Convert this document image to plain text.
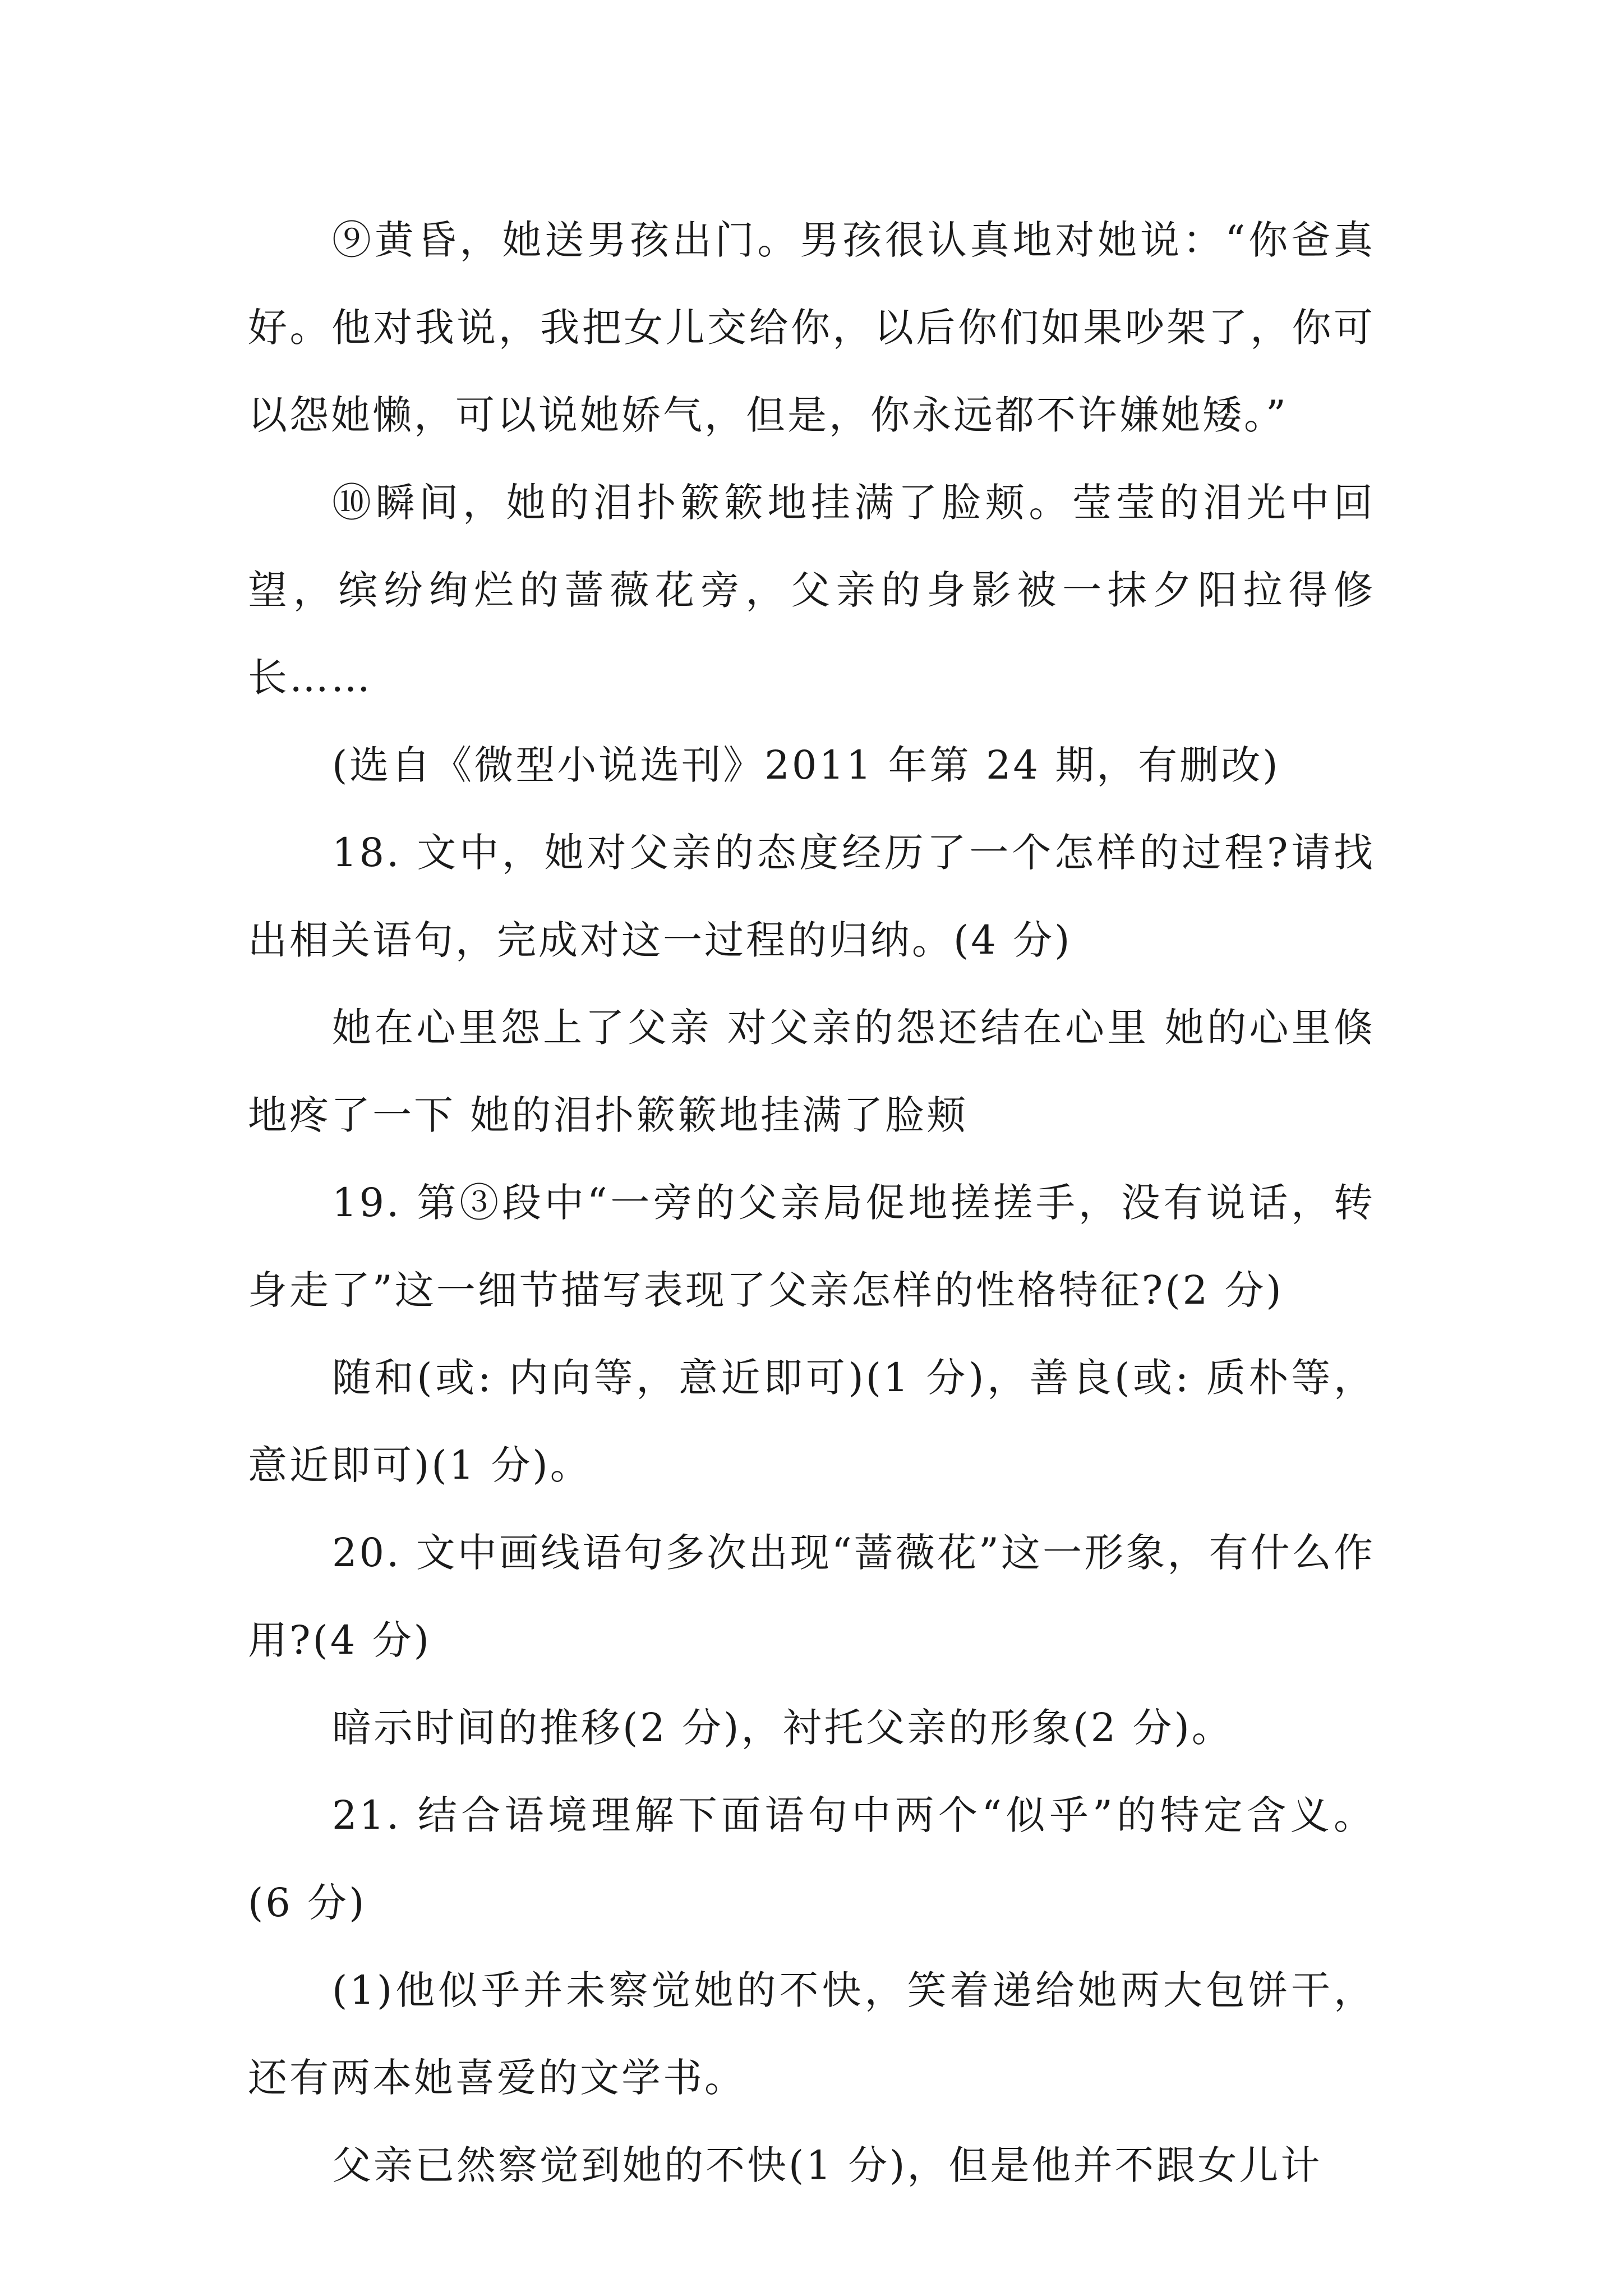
⑨黄昏，她送男孩出门。男孩很认真地对她说：“你爸真好。他对我说，我把女儿交给你，以后你们如果吵架了，你可以怨她懒，可以说她娇气，但是，你永远都不许嫌她矮。”

⑩瞬间，她的泪扑簌簌地挂满了脸颊。莹莹的泪光中回望，缤纷绚烂的蔷薇花旁，父亲的身影被一抹夕阳拉得修长……

(选自《微型小说选刊》2011 年第 24 期，有删改)

18. 文中，她对父亲的态度经历了一个怎样的过程?请找出相关语句，完成对这一过程的归纳。(4 分)

她在心里怨上了父亲 对父亲的怨还结在心里 她的心里倏地疼了一下 她的泪扑簌簌地挂满了脸颊

19. 第③段中“一旁的父亲局促地搓搓手，没有说话，转身走了”这一细节描写表现了父亲怎样的性格特征?(2 分)

随和(或: 内向等，意近即可)(1 分)，善良(或: 质朴等，意近即可)(1 分)。

20. 文中画线语句多次出现“蔷薇花”这一形象，有什么作用?(4 分)

暗示时间的推移(2 分)，衬托父亲的形象(2 分)。

21. 结合语境理解下面语句中两个“似乎”的特定含义。(6 分)

(1)他似乎并未察觉她的不快，笑着递给她两大包饼干，还有两本她喜爱的文学书。

父亲已然察觉到她的不快(1 分)，但是他并不跟女儿计
